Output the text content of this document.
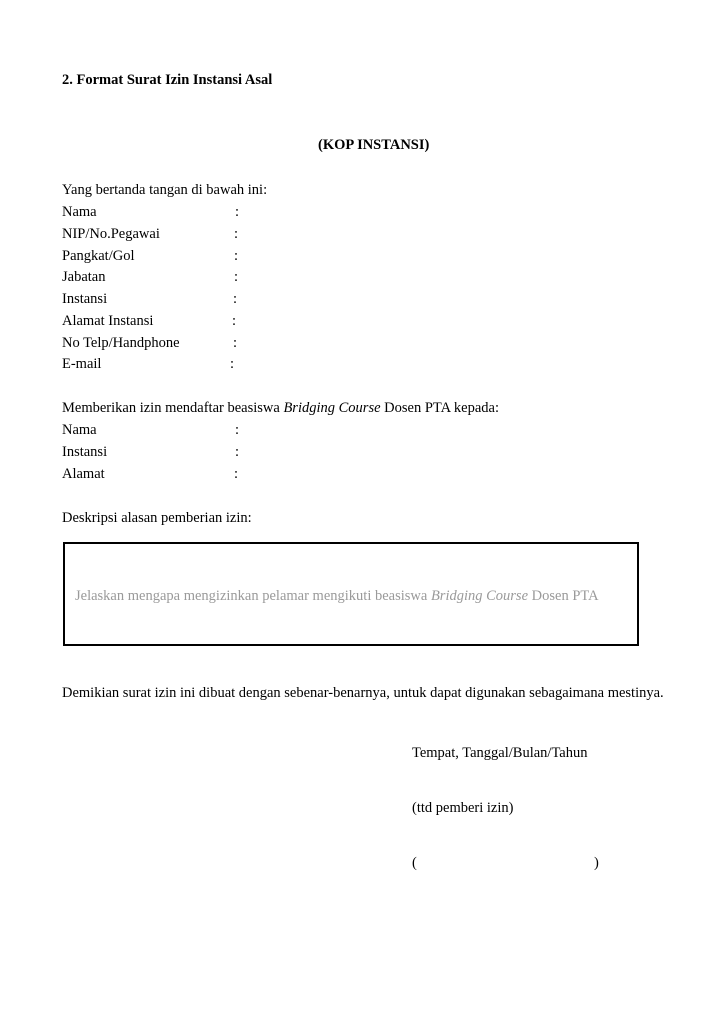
2. Format Surat Izin Instansi Asal
(KOP INSTANSI)
Yang bertanda tangan di bawah ini:
Nama	:
NIP/No.Pegawai	:
Pangkat/Gol	:
Jabatan	:
Instansi	:
Alamat Instansi	:
No Telp/Handphone	:
E-mail	:
Memberikan izin mendaftar beasiswa Bridging Course Dosen PTA kepada:
Nama	:
Instansi	:
Alamat	:
Deskripsi alasan pemberian izin:
Jelaskan mengapa mengizinkan pelamar mengikuti beasiswa Bridging Course Dosen PTA
Demikian surat izin ini dibuat dengan sebenar-benarnya, untuk dapat digunakan sebagaimana mestinya.
Tempat, Tanggal/Bulan/Tahun
(ttd pemberi izin)
(	)
